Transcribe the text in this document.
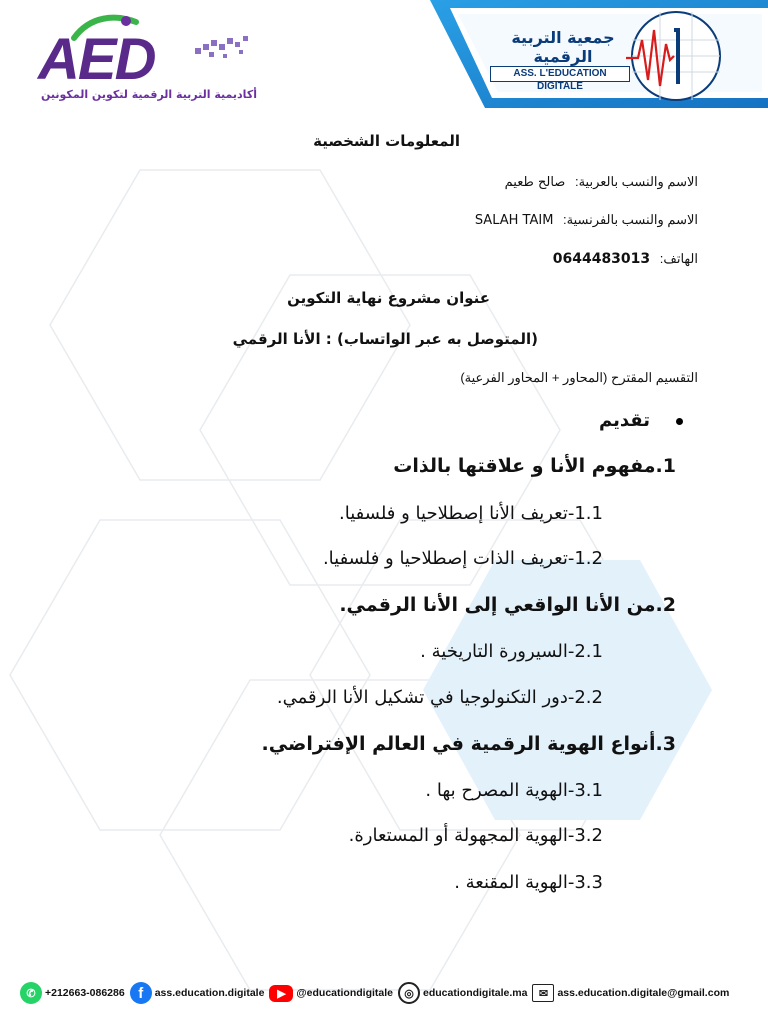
AED
أكاديمية التربية الرقمية لتكوين المكونين
جمعية التربية الرقمية
ASS. L'EDUCATION DIGITALE
المعلومات الشخصية
الاسم والنسب بالعربية: صالح طعيم
الاسم والنسب بالفرنسية: SALAH TAIM
الهاتف: 0644483013
عنوان مشروع نهاية التكوين
(المتوصل به عبر الواتساب) : الأنا الرقمي
التقسيم المقترح (المحاور + المحاور الفرعية)
تقديم
1.مفهوم الأنا و علاقتها بالذات
1.1-تعريف الأنا إصطلاحيا و فلسفيا.
1.2-تعريف الذات إصطلاحيا و فلسفيا.
2.من الأنا الواقعي إلى الأنا الرقمي.
2.1-السيرورة التاريخية .
2.2-دور التكنولوجيا في تشكيل الأنا الرقمي.
3.أنواع الهوية الرقمية في العالم الإفتراضي.
3.1-الهوية المصرح بها .
3.2-الهوية المجهولة أو المستعارة.
3.3-الهوية المقنعة .
✆ +212663-086286 f	ass.education.digitale	▶	@educationdigitale	◎ educationdigitale.ma	✉ ass.education.digitale@gmail.com
